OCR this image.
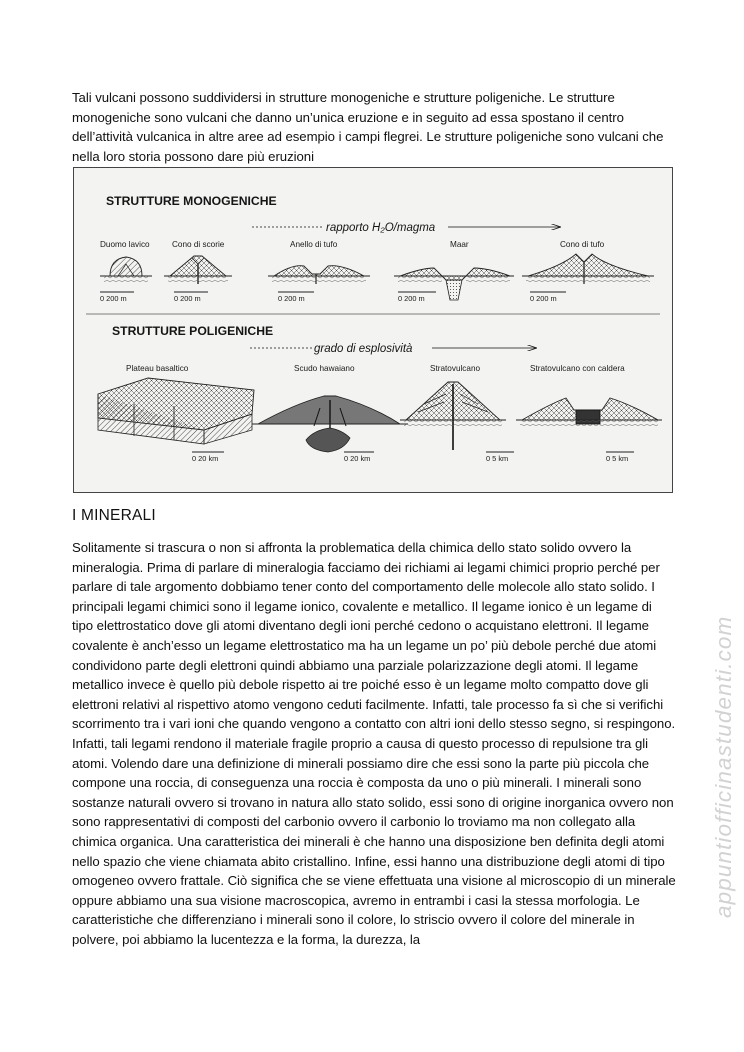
Tali vulcani possono suddividersi in strutture monogeniche e strutture poligeniche. Le strutture monogeniche sono vulcani che danno un’unica eruzione e in seguito ad essa spostano il centro dell’attività vulcanica in altre aree ad esempio i campi flegrei. Le strutture poligeniche sono vulcani che nella loro storia possono dare più eruzioni

STRUTTURE MONOGENICHE
rapporto H₂O/magma
Duomo lavico
0 200 m
Cono di scorie
0 200 m
Anello di tufo
0 200 m
Maar
0 200 m
Cono di tufo
0 200 m
STRUTTURE POLIGENICHE
grado di esplosività
Plateau basaltico
0 20 km
Scudo hawaiano
0 20 km
Stratovulcano
0 5 km
Stratovulcano con caldera
0 5 km
I MINERALI

Solitamente si trascura o non si affronta la problematica della chimica dello stato solido ovvero la mineralogia. Prima di parlare di mineralogia facciamo dei richiami ai legami chimici proprio perché per parlare di tale argomento dobbiamo tener conto del comportamento delle molecole allo stato solido. I principali legami chimici sono il legame ionico, covalente e metallico. Il legame ionico è un legame di tipo elettrostatico dove gli atomi diventano degli ioni perché cedono o acquistano elettroni. Il legame covalente è anch’esso un legame elettrostatico ma ha un legame un po’ più debole perché due atomi condividono parte degli elettroni quindi abbiamo una parziale polarizzazione degli atomi. Il legame metallico invece è quello più debole rispetto ai tre poiché esso è un legame molto compatto dove gli elettroni relativi al rispettivo atomo vengono ceduti facilmente. Infatti, tale processo fa sì che si verifichi scorrimento tra i vari ioni che quando vengono a contatto con altri ioni dello stesso segno, si respingono. Infatti, tali legami rendono il materiale fragile proprio a causa di questo processo di repulsione tra gli atomi. Volendo dare una definizione di minerali possiamo dire che essi sono la parte più piccola che compone una roccia, di conseguenza una roccia è composta da uno o più minerali. I minerali sono sostanze naturali ovvero si trovano in natura allo stato solido, essi sono di origine inorganica ovvero non sono rappresentativi di composti del carbonio ovvero il carbonio lo troviamo ma non collegato alla chimica organica. Una caratteristica dei minerali è che hanno una disposizione ben definita degli atomi nello spazio che viene chiamata abito cristallino. Infine, essi hanno una distribuzione degli atomi di tipo omogeneo ovvero frattale. Ciò significa che se viene effettuata una visione al microscopio di un minerale oppure abbiamo una sua visione macroscopica, avremo in entrambi i casi la stessa morfologia. Le caratteristiche che differenziano i minerali sono il colore, lo striscio ovvero il colore del minerale in polvere, poi abbiamo la lucentezza e la forma, la durezza, la

appuntiofficinastudenti.com
